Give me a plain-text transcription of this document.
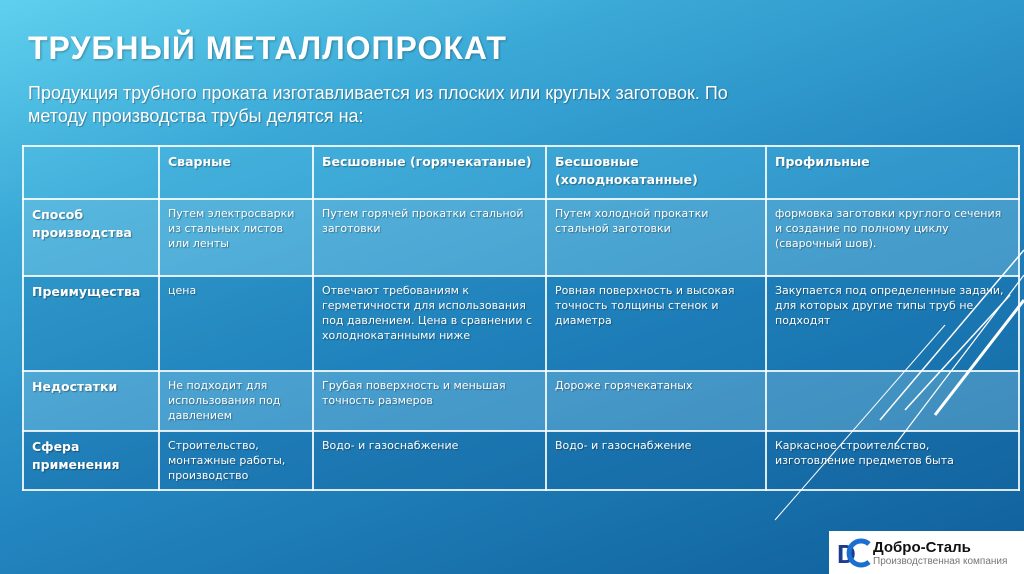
ТРУБНЫЙ МЕТАЛЛОПРОКАТ
Продукция трубного проката изготавливается из плоских или круглых заготовок. По методу производства трубы делятся на:
	Сварные	Бесшовные (горячекатаные)	Бесшовные (холоднокатанные)	Профильные
Способ производства	Путем электросварки из стальных листов или ленты	Путем горячей прокатки стальной заготовки	Путем холодной прокатки стальной заготовки	формовка заготовки круглого сечения и создание по полному циклу (сварочный шов).
Преимущества	цена	Отвечают требованиям к герметичности для использования под давлением. Цена в сравнении с холоднокатанными ниже	Ровная поверхность и высокая точность толщины стенок и диаметра	Закупается под определенные задачи, для которых другие типы труб не подходят
Недостатки	Не подходит для использования под давлением	Грубая поверхность и меньшая точность размеров	Дороже горячекатаных	
Сфера применения	Строительство, монтажные работы, производство	Водо- и газоснабжение	Водо- и газоснабжение	Каркасное строительство, изготовление предметов быта
D Добро-Сталь
Производственная компания
